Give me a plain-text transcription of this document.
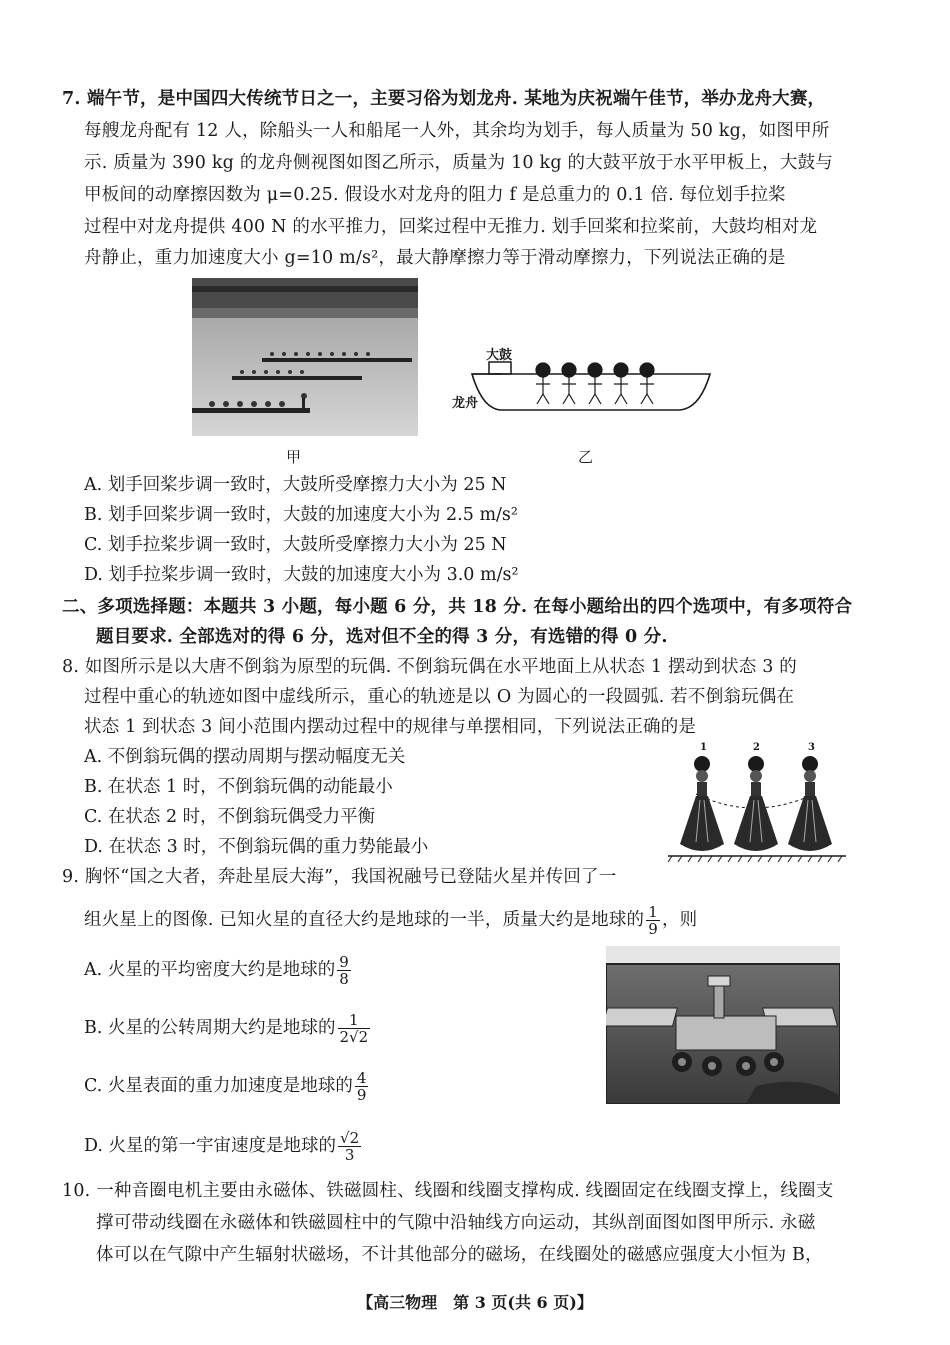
7. 端午节，是中国四大传统节日之一，主要习俗为划龙舟. 某地为庆祝端午佳节，举办龙舟大赛，
每艘龙舟配有 12 人，除船头一人和船尾一人外，其余均为划手，每人质量为 50 kg，如图甲所
示. 质量为 390 kg 的龙舟侧视图如图乙所示，质量为 10 kg 的大鼓平放于水平甲板上，大鼓与
甲板间的动摩擦因数为 μ=0.25. 假设水对龙舟的阻力 f 是总重力的 0.1 倍. 每位划手拉桨
过程中对龙舟提供 400 N 的水平推力，回桨过程中无推力. 划手回桨和拉桨前，大鼓均相对龙
舟静止，重力加速度大小 g=10 m/s²，最大静摩擦力等于滑动摩擦力，下列说法正确的是
大鼓
龙舟
甲	乙
A. 划手回桨步调一致时，大鼓所受摩擦力大小为 25 N
B. 划手回桨步调一致时，大鼓的加速度大小为 2.5 m/s²
C. 划手拉桨步调一致时，大鼓所受摩擦力大小为 25 N
D. 划手拉桨步调一致时，大鼓的加速度大小为 3.0 m/s²
二、多项选择题：本题共 3 小题，每小题 6 分，共 18 分. 在每小题给出的四个选项中，有多项符合
题目要求. 全部选对的得 6 分，选对但不全的得 3 分，有选错的得 0 分.
8. 如图所示是以大唐不倒翁为原型的玩偶. 不倒翁玩偶在水平地面上从状态 1 摆动到状态 3 的
过程中重心的轨迹如图中虚线所示，重心的轨迹是以 O 为圆心的一段圆弧. 若不倒翁玩偶在
状态 1 到状态 3 间小范围内摆动过程中的规律与单摆相同，下列说法正确的是
A. 不倒翁玩偶的摆动周期与摆动幅度无关
B. 在状态 1 时，不倒翁玩偶的动能最小
C. 在状态 2 时，不倒翁玩偶受力平衡
D. 在状态 3 时，不倒翁玩偶的重力势能最小
1	2	3
O
9. 胸怀“国之大者，奔赴星辰大海”，我国祝融号已登陆火星并传回了一
组火星上的图像. 已知火星的直径大约是地球的一半，质量大约是地球的 $\frac{1}{9}$ ，则
A. 火星的平均密度大约是地球的 $\frac{9}{8}$
B. 火星的公转周期大约是地球的 $\frac{1}{2√2}$
C. 火星表面的重力加速度是地球的 $\frac{4}{9}$
D. 火星的第一宇宙速度是地球的 $\frac{√2}{3}$
10. 一种音圈电机主要由永磁体、铁磁圆柱、线圈和线圈支撑构成. 线圈固定在线圈支撑上，线圈支
撑可带动线圈在永磁体和铁磁圆柱中的气隙中沿轴线方向运动，其纵剖面图如图甲所示. 永磁
体可以在气隙中产生辐射状磁场，不计其他部分的磁场，在线圈处的磁感应强度大小恒为 B，
【高三物理　第 3 页(共 6 页)】
